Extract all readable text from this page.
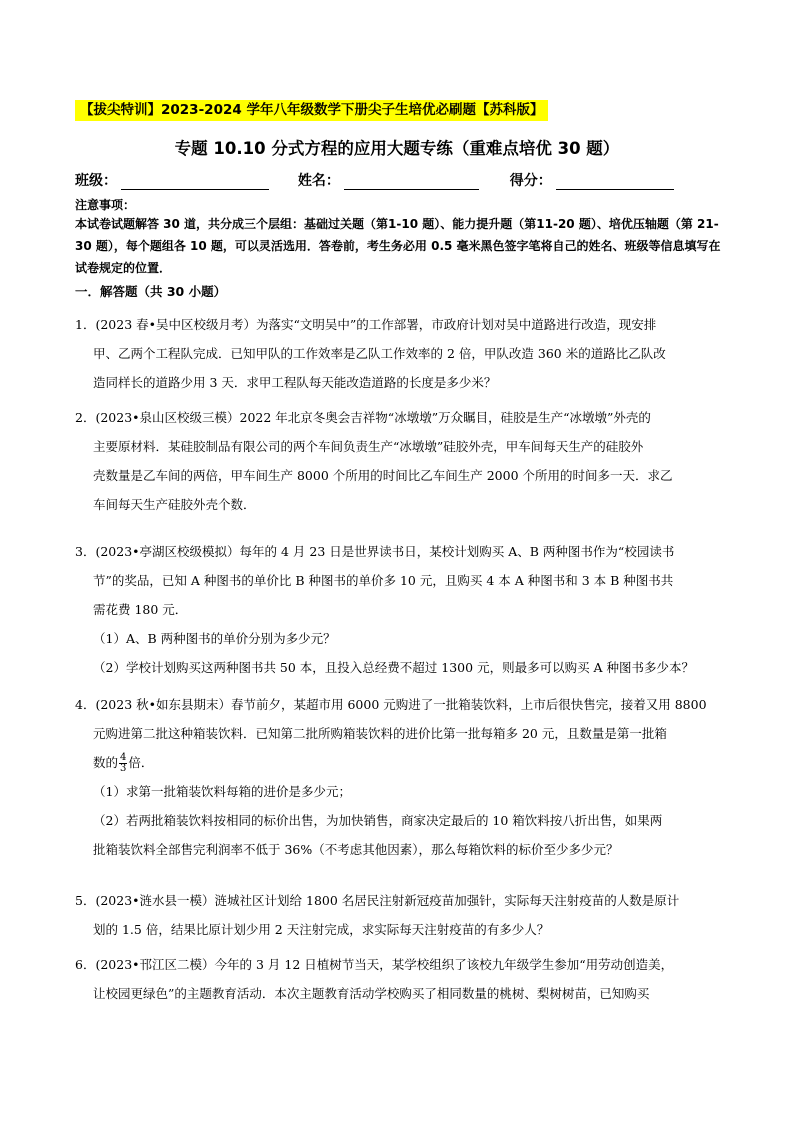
【拔尖特训】2023-2024 学年八年级数学下册尖子生培优必刷题【苏科版】
专题 10.10 分式方程的应用大题专练（重难点培优 30 题）
班级：	姓名：	得分：
注意事项：
本试卷试题解答 30 道，共分成三个层组：基础过关题（第1-10 题）、能力提升题（第11-20 题）、培优压轴题（第 21-30 题），每个题组各 10 题，可以灵活选用．答卷前，考生务必用 0.5 毫米黑色签字笔将自己的姓名、班级等信息填写在试卷规定的位置．
一．解答题（共 30 小题）
1．(2023 春•吴中区校级月考）为落实“文明吴中”的工作部署，市政府计划对吴中道路进行改造，现安排
甲、乙两个工程队完成．已知甲队的工作效率是乙队工作效率的 2 倍，甲队改造 360 米的道路比乙队改
造同样长的道路少用 3 天．求甲工程队每天能改造道路的长度是多少米？
2．(2023•泉山区校级三模）2022 年北京冬奥会吉祥物“冰墩墩”万众瞩目，硅胶是生产“冰墩墩”外壳的
主要原材料．某硅胶制品有限公司的两个车间负责生产“冰墩墩”硅胶外壳，甲车间每天生产的硅胶外
壳数量是乙车间的两倍，甲车间生产 8000 个所用的时间比乙车间生产 2000 个所用的时间多一天．求乙
车间每天生产硅胶外壳个数．
3．(2023•亭湖区校级模拟）每年的 4 月 23 日是世界读书日，某校计划购买 A、B 两种图书作为“校园读书
节”的奖品，已知 A 种图书的单价比 B 种图书的单价多 10 元，且购买 4 本 A 种图书和 3 本 B 种图书共
需花费 180 元．
（1）A、B 两种图书的单价分别为多少元？
（2）学校计划购买这两种图书共 50 本，且投入总经费不超过 1300 元，则最多可以购买 A 种图书多少本？
4．(2023 秋•如东县期末）春节前夕，某超市用 6000 元购进了一批箱装饮料，上市后很快售完，接着又用 8800
元购进第二批这种箱装饮料．已知第二批所购箱装饮料的进价比第一批每箱多 20 元，且数量是第一批箱
数的 $\frac{4}{3}$ 倍．
（1）求第一批箱装饮料每箱的进价是多少元；
（2）若两批箱装饮料按相同的标价出售，为加快销售，商家决定最后的 10 箱饮料按八折出售，如果两
批箱装饮料全部售完利润率不低于 36%（不考虑其他因素），那么每箱饮料的标价至少多少元？
5．(2023•涟水县一模）涟城社区计划给 1800 名居民注射新冠疫苗加强针，实际每天注射疫苗的人数是原计
划的 1.5 倍，结果比原计划少用 2 天注射完成，求实际每天注射疫苗的有多少人？
6．(2023•邗江区二模）今年的 3 月 12 日植树节当天，某学校组织了该校九年级学生参加“用劳动创造美，
让校园更绿色”的主题教育活动．本次主题教育活动学校购买了相同数量的桃树、梨树树苗，已知购买
